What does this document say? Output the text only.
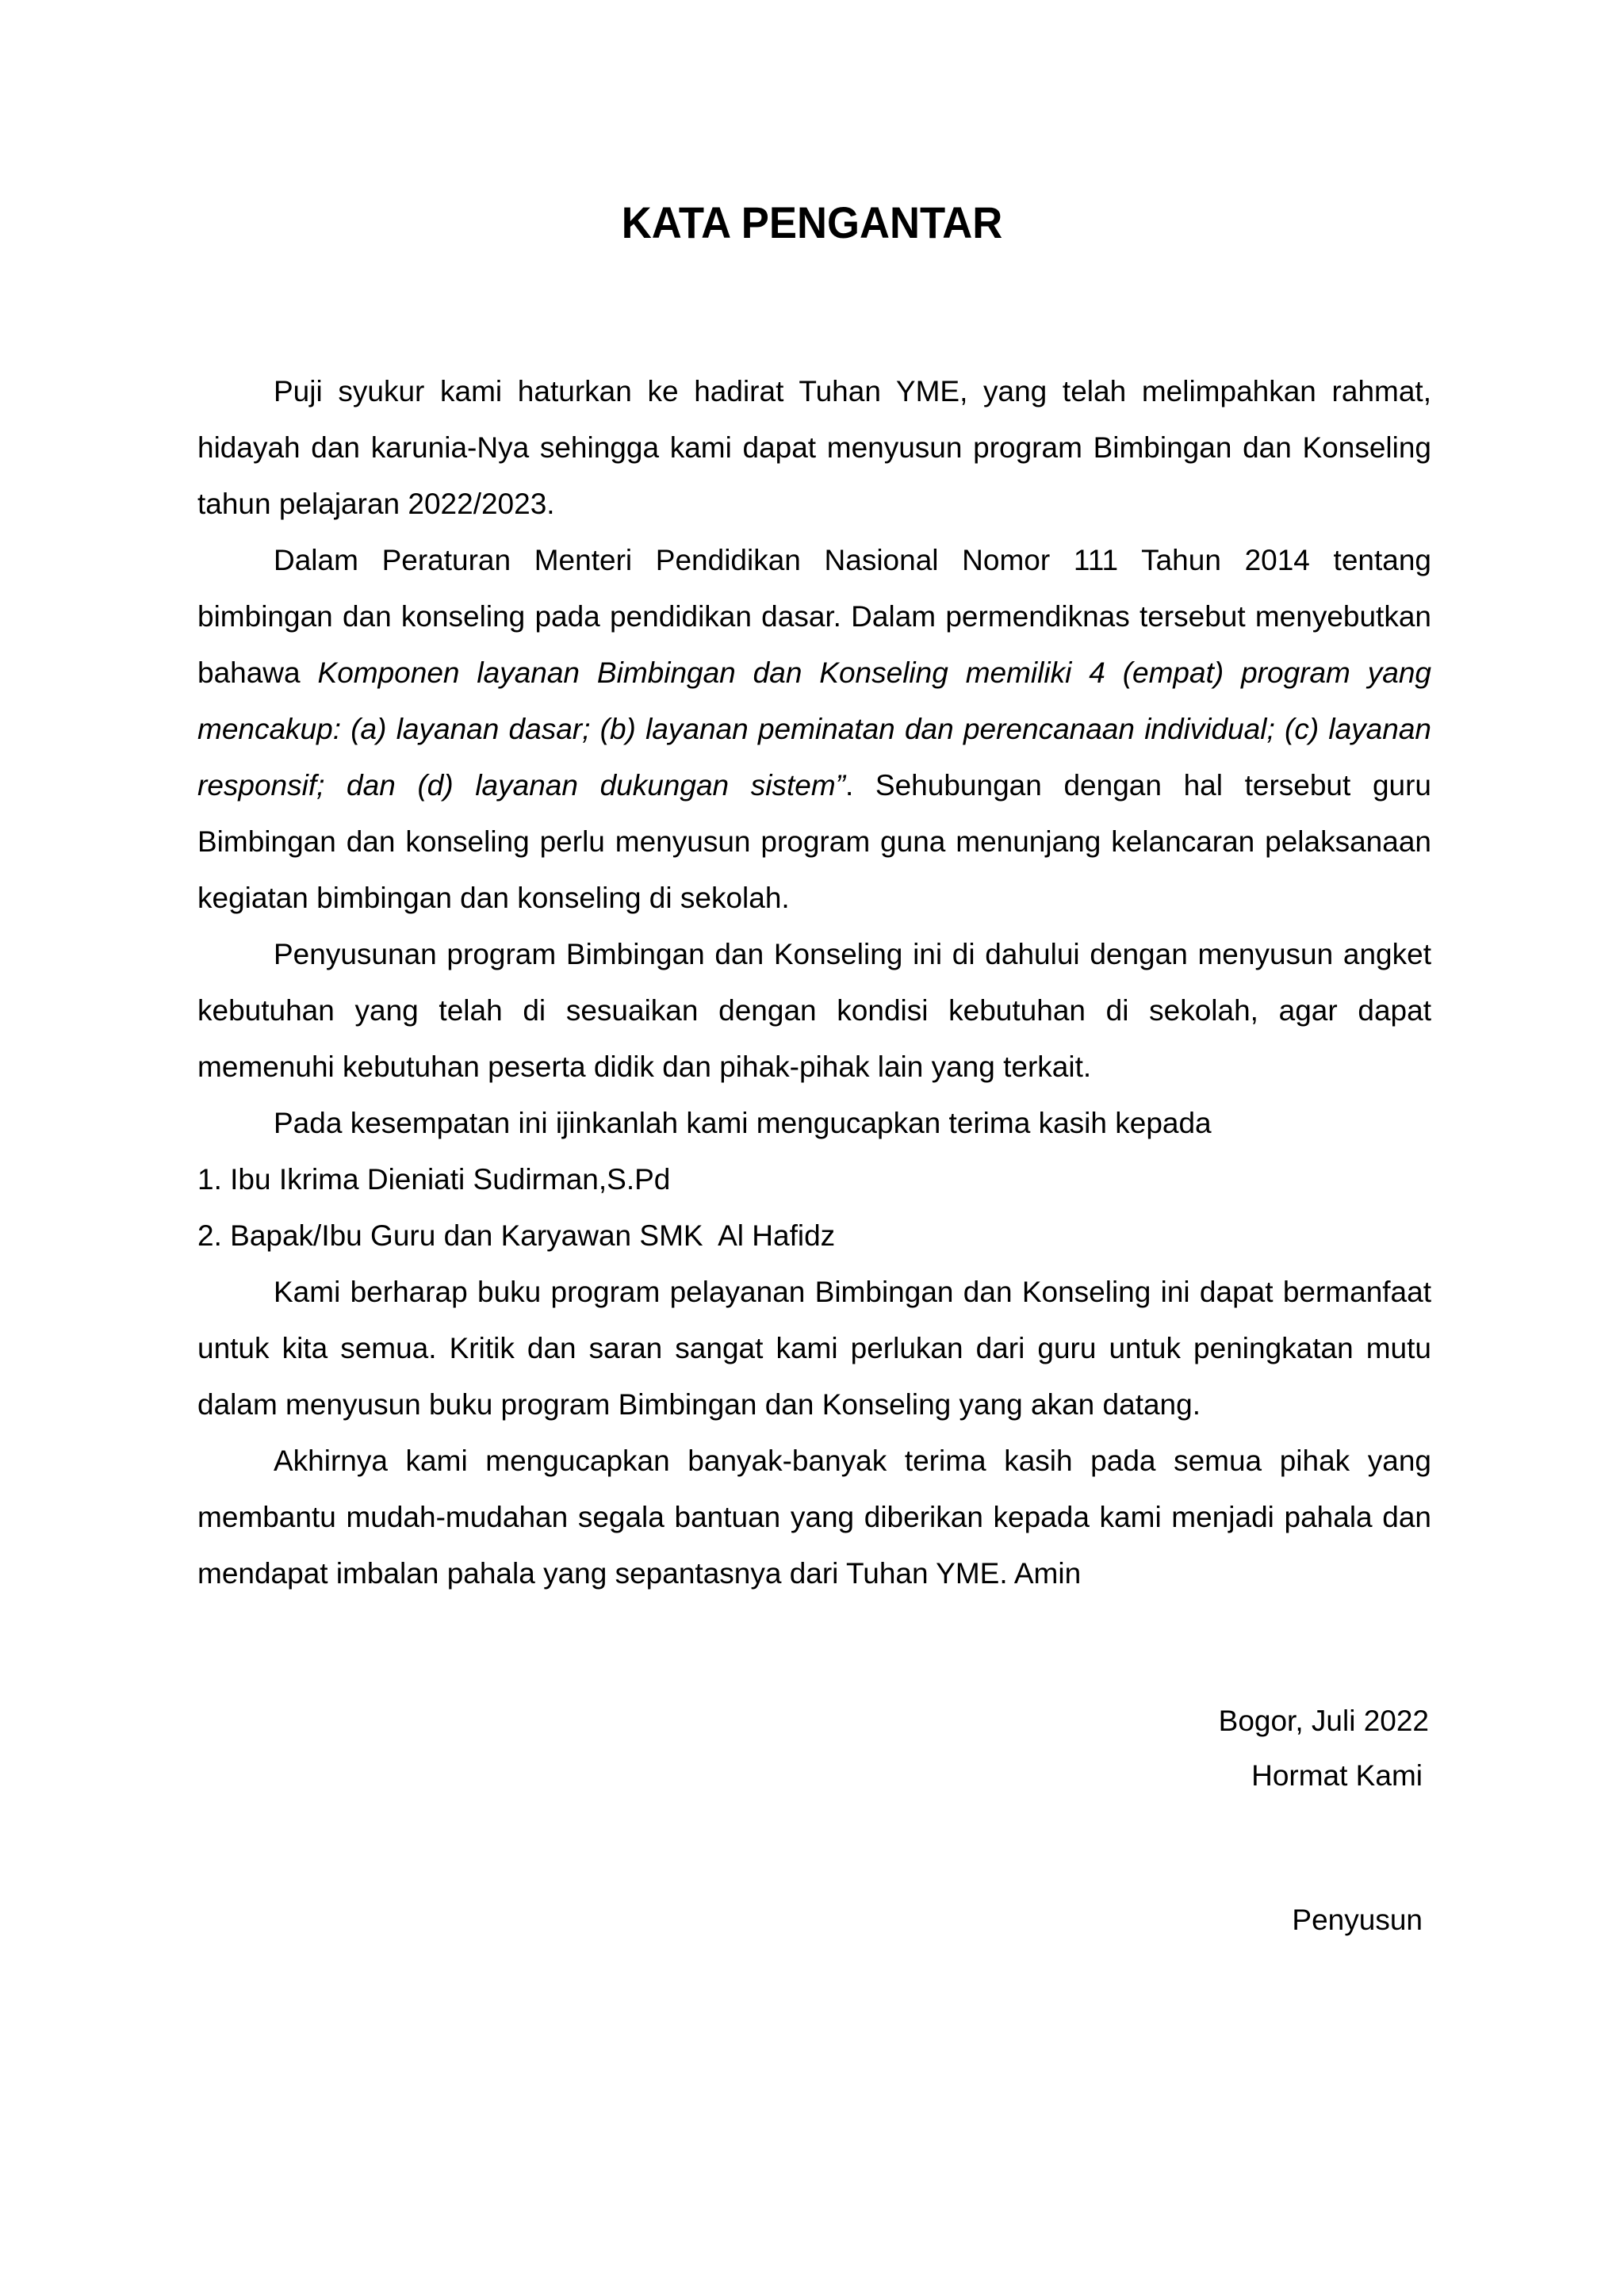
KATA PENGANTAR

Puji syukur kami haturkan ke hadirat Tuhan YME, yang telah melimpahkan rahmat, hidayah dan karunia-Nya sehingga kami dapat menyusun program Bimbingan dan Konseling tahun pelajaran 2022/2023.

Dalam Peraturan Menteri Pendidikan Nasional Nomor 111 Tahun 2014 tentang bimbingan dan konseling pada pendidikan dasar. Dalam permendiknas tersebut menyebutkan bahawa Komponen layanan Bimbingan dan Konseling memiliki 4 (empat) program yang mencakup: (a) layanan dasar; (b) layanan peminatan dan perencanaan individual; (c) layanan responsif; dan (d) layanan dukungan sistem”. Sehubungan dengan hal tersebut guru Bimbingan dan konseling perlu menyusun program guna menunjang kelancaran pelaksanaan kegiatan bimbingan dan konseling di sekolah.

Penyusunan program Bimbingan dan Konseling ini di dahului dengan menyusun angket kebutuhan yang telah di sesuaikan dengan kondisi kebutuhan di sekolah, agar dapat memenuhi kebutuhan peserta didik dan pihak-pihak lain yang terkait.

Pada kesempatan ini ijinkanlah kami mengucapkan terima kasih kepada

1. Ibu Ikrima Dieniati Sudirman,S.Pd

2. Bapak/Ibu Guru dan Karyawan SMK  Al Hafidz

Kami berharap buku program pelayanan Bimbingan dan Konseling ini dapat bermanfaat untuk kita semua. Kritik dan saran sangat kami perlukan dari guru untuk peningkatan mutu dalam menyusun buku program Bimbingan dan Konseling yang akan datang.

Akhirnya kami mengucapkan banyak-banyak terima kasih pada semua pihak yang membantu mudah-mudahan segala bantuan yang diberikan kepada kami menjadi pahala dan mendapat imbalan pahala yang sepantasnya dari Tuhan YME. Amin

Bogor, Juli 2022
Hormat Kami
Penyusun
